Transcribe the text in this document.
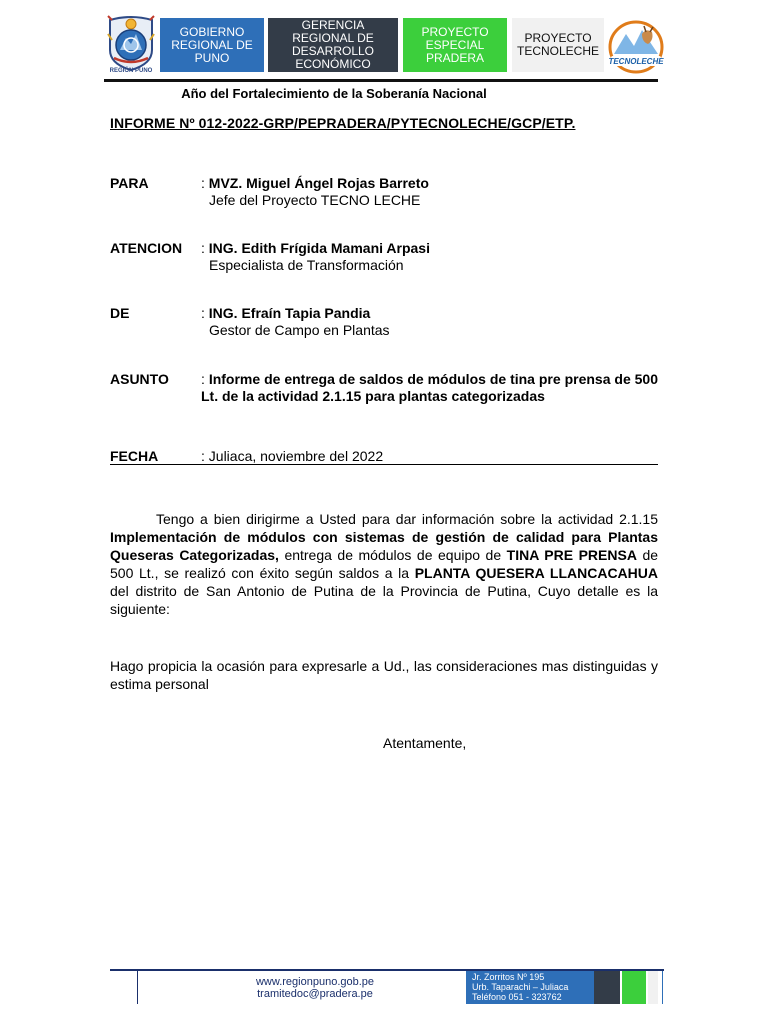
REGIÓN PUNO
GOBIERNO REGIONAL DE PUNO
GERENCIA REGIONAL DE DESARROLLO ECONÓMICO
PROYECTO ESPECIAL PRADERA
PROYECTO TECNOLECHE
TECNOLECHE
Año del Fortalecimiento de la Soberanía Nacional
INFORME Nº 012-2022-GRP/PEPRADERA/PYTECNOLECHE/GCP/ETP.
PARA	: MVZ. Miguel Ángel Rojas Barreto
Jefe del Proyecto TECNO LECHE
ATENCION : ING. Edith Frígida Mamani Arpasi
Especialista de Transformación
DE	: ING. Efraín Tapia Pandia
Gestor de Campo en Plantas
ASUNTO : Informe de entrega de saldos de módulos de tina pre prensa de 500 Lt. de la actividad 2.1.15 para plantas categorizadas
FECHA	: Juliaca, noviembre del 2022
Tengo a bien dirigirme a Usted para dar información sobre la actividad 2.1.15 Implementación de módulos con sistemas de gestión de calidad para Plantas Queseras Categorizadas, entrega de módulos de equipo de TINA PRE PRENSA de 500 Lt., se realizó con éxito según saldos a la PLANTA QUESERA LLANCACAHUA del distrito de San Antonio de Putina de la Provincia de Putina, Cuyo detalle es la siguiente:
Hago propicia la ocasión para expresarle a Ud., las consideraciones mas distinguidas y estima personal
Atentamente,
www.regionpuno.gob.pe
tramitedoc@pradera.pe
Jr. Zorritos Nº 195
Urb. Taparachi – Juliaca
Teléfono 051 - 323762
